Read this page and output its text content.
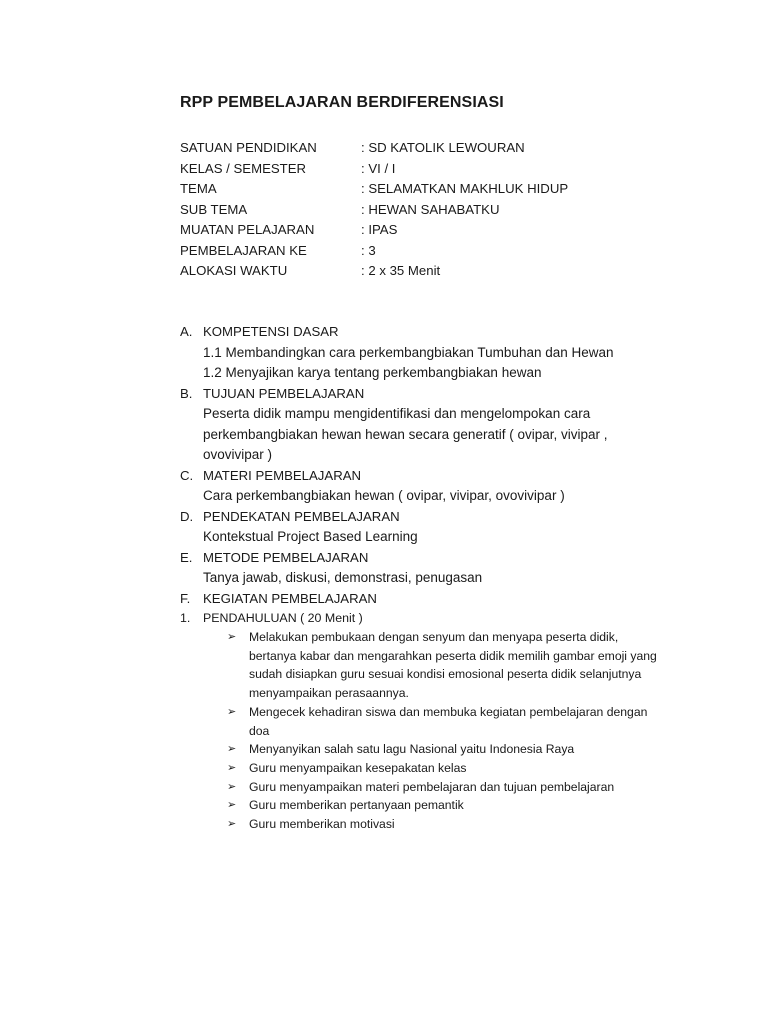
RPP PEMBELAJARAN BERDIFERENSIASI
SATUAN PENDIDIKAN	: SD KATOLIK LEWOURAN
KELAS / SEMESTER	: VI / I
TEMA	: SELAMATKAN MAKHLUK HIDUP
SUB TEMA	: HEWAN SAHABATKU
MUATAN PELAJARAN	: IPAS
PEMBELAJARAN KE	: 3
ALOKASI WAKTU	: 2 x 35 Menit
A. KOMPETENSI DASAR
1.1 Membandingkan cara perkembangbiakan Tumbuhan dan Hewan
1.2 Menyajikan karya tentang perkembangbiakan hewan
B. TUJUAN PEMBELAJARAN
Peserta didik mampu mengidentifikasi dan mengelompokan cara
perkembangbiakan hewan hewan secara generatif ( ovipar, vivipar ,
ovovivipar )
C. MATERI PEMBELAJARAN
Cara perkembangbiakan hewan ( ovipar, vivipar, ovovivipar )
D. PENDEKATAN PEMBELAJARAN
Kontekstual Project Based Learning
E. METODE PEMBELAJARAN
Tanya jawab, diskusi, demonstrasi, penugasan
F. KEGIATAN PEMBELAJARAN
1.	PENDAHULUAN ( 20 Menit )
➢	Melakukan pembukaan dengan senyum dan menyapa peserta didik,
bertanya kabar dan mengarahkan peserta didik memilih gambar emoji yang
sudah disiapkan guru sesuai kondisi emosional peserta didik selanjutnya
menyampaikan perasaannya.
➢	Mengecek kehadiran siswa dan membuka kegiatan pembelajaran dengan
doa
➢	Menyanyikan salah satu lagu Nasional yaitu Indonesia Raya
➢	Guru menyampaikan kesepakatan kelas
➢	Guru menyampaikan materi pembelajaran dan tujuan pembelajaran
➢	Guru memberikan pertanyaan pemantik
➢	Guru memberikan motivasi
